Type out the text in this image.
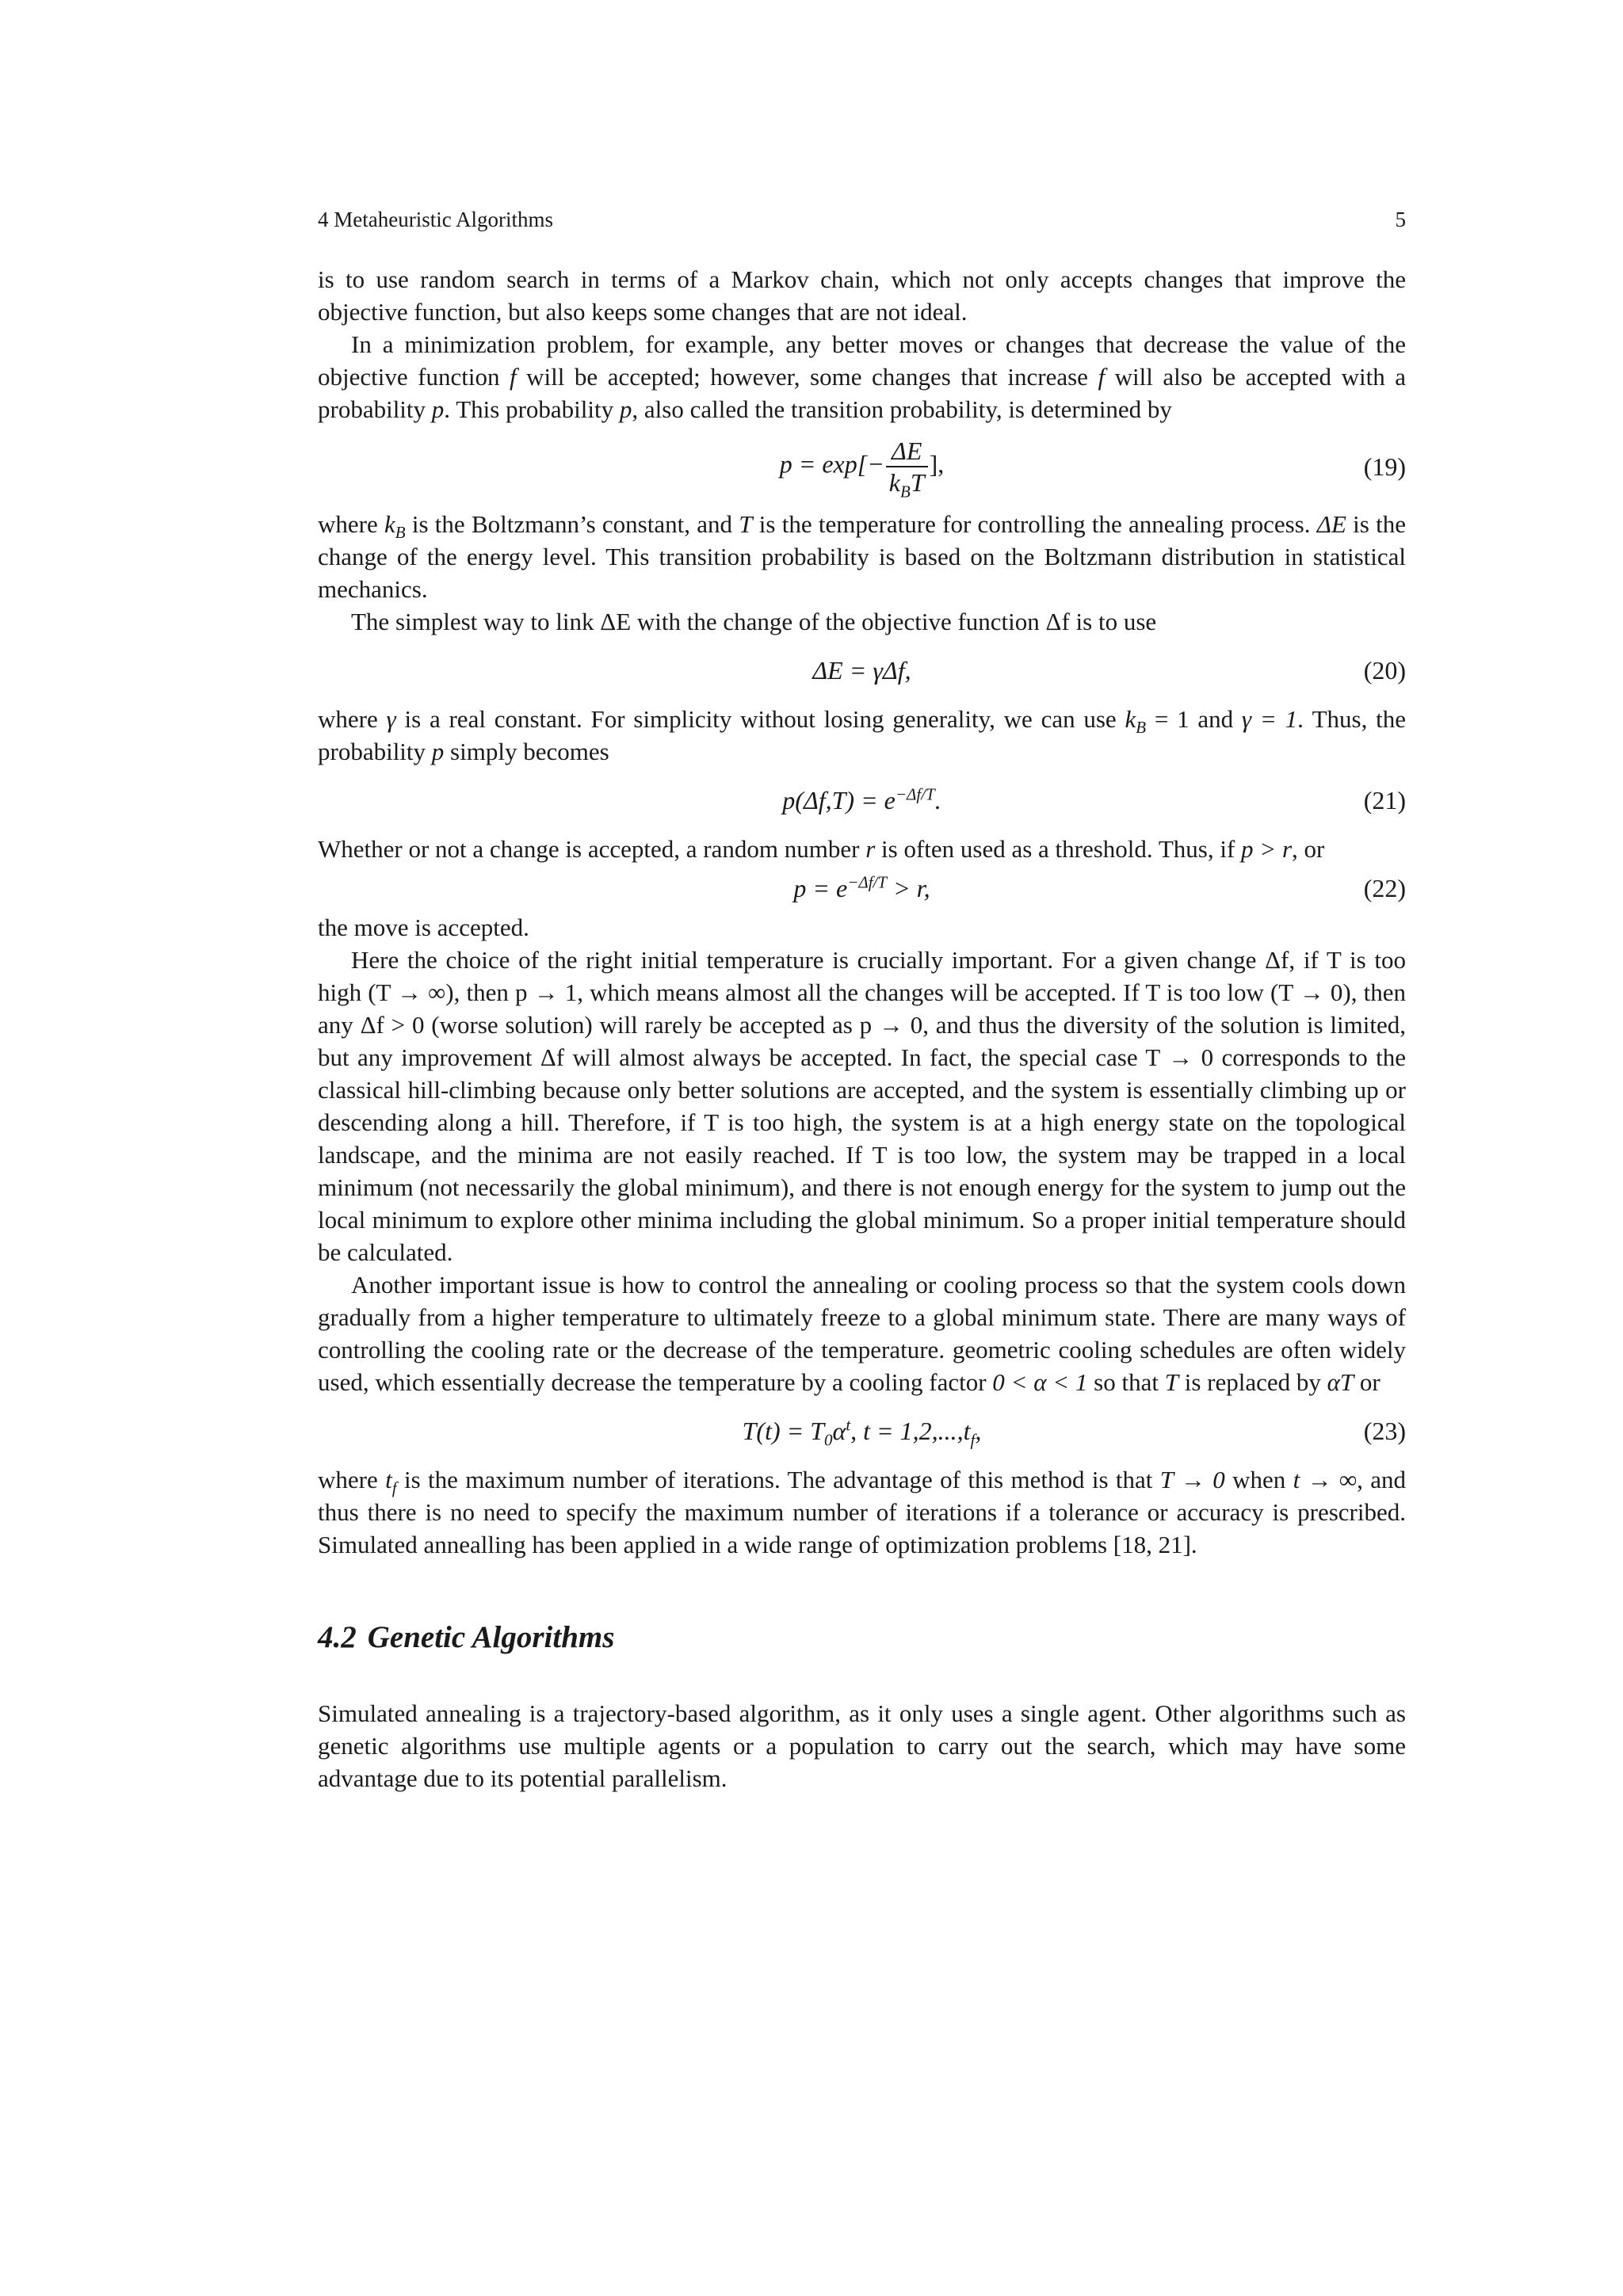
4 Metaheuristic Algorithms	5

is to use random search in terms of a Markov chain, which not only accepts changes that improve the objective function, but also keeps some changes that are not ideal.

In a minimization problem, for example, any better moves or changes that decrease the value of the objective function f will be accepted; however, some changes that increase f will also be accepted with a probability p. This probability p, also called the transition probability, is determined by

$p = \exp[- \frac{\Delta E}{k_BT}$ ],	(19)

where $k_B$ is the Boltzmann’s constant, and T is the temperature for controlling the annealing process. ΔE is the change of the energy level. This transition probability is based on the Boltzmann distribution in statistical mechanics.

The simplest way to link ΔE with the change of the objective function Δf is to use

ΔE = γΔf,	(20)

where γ is a real constant. For simplicity without losing generality, we can use $k_B = 1$ and γ = 1. Thus, the probability p simply becomes

$p(\Delta f,T) = e^{-\Delta f/T}$.	(21)

Whether or not a change is accepted, a random number r is often used as a threshold. Thus, if p > r, or

$p = e^{-\Delta f/T} > r$,	(22)

the move is accepted.

Here the choice of the right initial temperature is crucially important. For a given change Δf, if T is too high (T → ∞), then p → 1, which means almost all the changes will be accepted. If T is too low (T → 0), then any Δf > 0 (worse solution) will rarely be accepted as p → 0, and thus the diversity of the solution is limited, but any improvement Δf will almost always be accepted. In fact, the special case T → 0 corresponds to the classical hill-climbing because only better solutions are accepted, and the system is essentially climbing up or descending along a hill. Therefore, if T is too high, the system is at a high energy state on the topological landscape, and the minima are not easily reached. If T is too low, the system may be trapped in a local minimum (not necessarily the global minimum), and there is not enough energy for the system to jump out the local minimum to explore other minima including the global minimum. So a proper initial temperature should be calculated.

Another important issue is how to control the annealing or cooling process so that the system cools down gradually from a higher temperature to ultimately freeze to a global minimum state. There are many ways of controlling the cooling rate or the decrease of the temperature. geometric cooling schedules are often widely used, which essentially decrease the temperature by a cooling factor 0 < α < 1 so that T is replaced by αT or

$T(t) = T_0\alpha^t$, $t = 1,2,...,t_f$,	(23)

where $t_f$ is the maximum number of iterations. The advantage of this method is that T → 0 when t → ∞, and thus there is no need to specify the maximum number of iterations if a tolerance or accuracy is prescribed. Simulated annealling has been applied in a wide range of optimization problems [18, 21].

4.2 Genetic Algorithms

Simulated annealing is a trajectory-based algorithm, as it only uses a single agent. Other algorithms such as genetic algorithms use multiple agents or a population to carry out the search, which may have some advantage due to its potential parallelism.
